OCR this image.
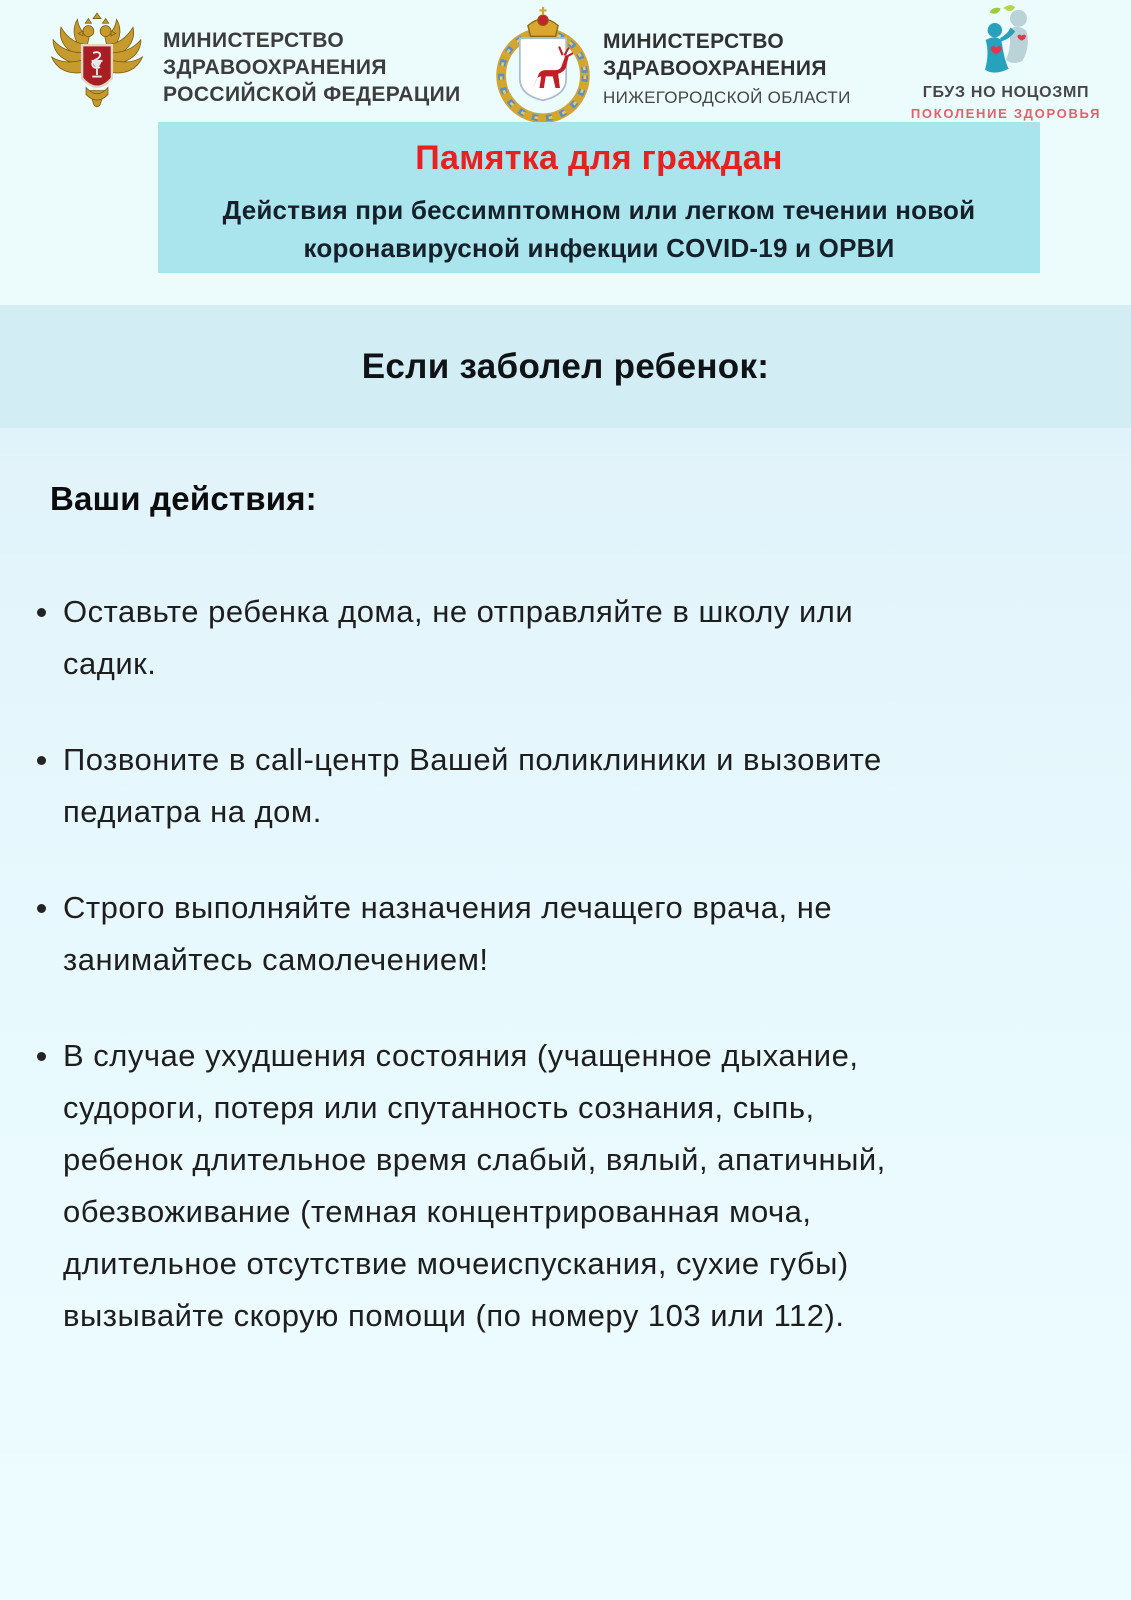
МИНИСТЕРСТВО
ЗДРАВООХРАНЕНИЯ
РОССИЙСКОЙ ФЕДЕРАЦИИ
МИНИСТЕРСТВО
ЗДРАВООХРАНЕНИЯ
НИЖЕГОРОДСКОЙ ОБЛАСТИ	ГБУЗ НО НОЦОЗМП
ПОКОЛЕНИЕ ЗДОРОВЬЯ
Памятка для граждан
Действия при бессимптомном или легком течении новой коронавирусной инфекции COVID-19 и ОРВИ
Если заболел ребенок:
Ваши действия:
Оставьте ребенка дома, не отправляйте в школу или садик.
Позвоните в call-центр Вашей поликлиники и вызовите педиатра на дом.
Строго выполняйте назначения лечащего врача, не занимайтесь самолечением!
В случае ухудшения состояния (учащенное дыхание, судороги, потеря или спутанность сознания, сыпь, ребенок длительное время слабый, вялый, апатичный, обезвоживание (темная концентрированная моча, длительное отсутствие мочеиспускания, сухие губы) вызывайте скорую помощи (по номеру 103 или 112).
